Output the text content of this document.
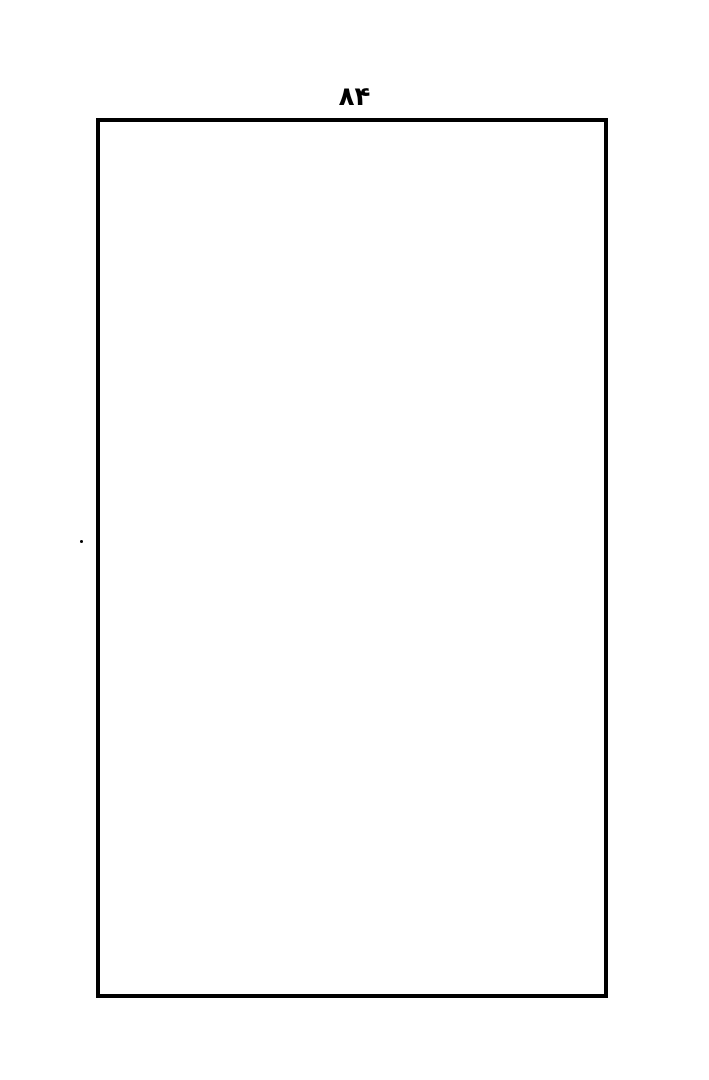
۸۴
